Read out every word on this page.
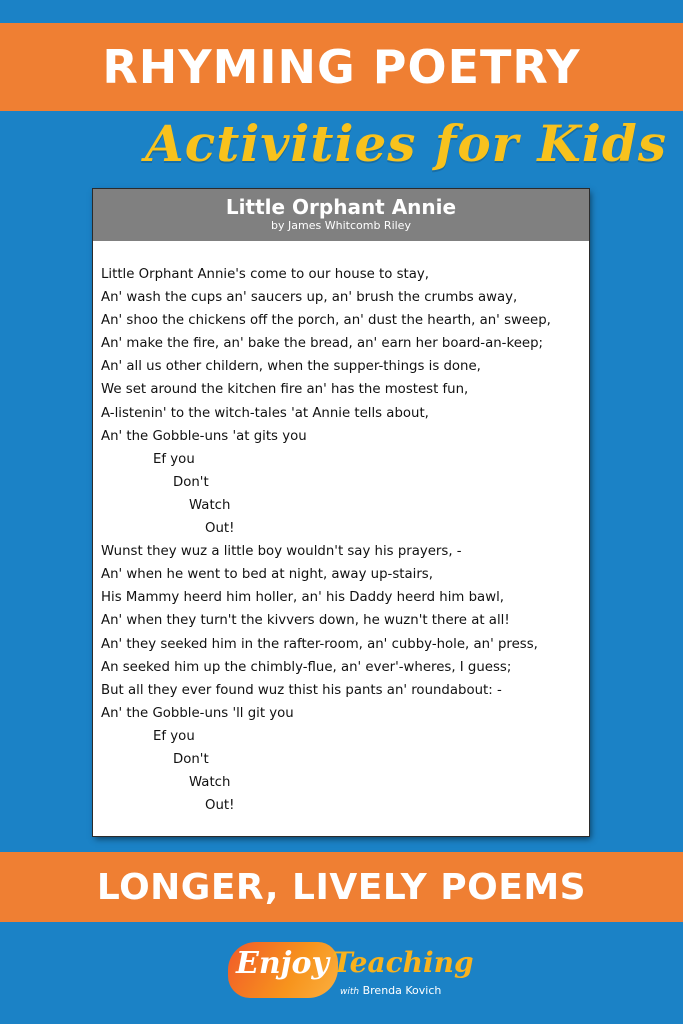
RHYMING POETRY
Activities for Kids
Little Orphant Annie
by James Whitcomb Riley
Little Orphant Annie's come to our house to stay,
An' wash the cups an' saucers up, an' brush the crumbs away,
An' shoo the chickens off the porch, an' dust the hearth, an' sweep,
An' make the fire, an' bake the bread, an' earn her board-an-keep;
An' all us other childern, when the supper-things is done,
We set around the kitchen fire an' has the mostest fun,
A-listenin' to the witch-tales 'at Annie tells about,
An' the Gobble-uns 'at gits you
Ef you
Don't
Watch
Out!
Wunst they wuz a little boy wouldn't say his prayers, -
An' when he went to bed at night, away up-stairs,
His Mammy heerd him holler, an' his Daddy heerd him bawl,
An' when they turn't the kivvers down, he wuzn't there at all!
An' they seeked him in the rafter-room, an' cubby-hole, an' press,
An seeked him up the chimbly-flue, an' ever'-wheres, I guess;
But all they ever found wuz thist his pants an' roundabout: -
An' the Gobble-uns 'll git you
Ef you
Don't
Watch
Out!
LONGER, LIVELY POEMS
Enjoy Teaching
with Brenda Kovich
